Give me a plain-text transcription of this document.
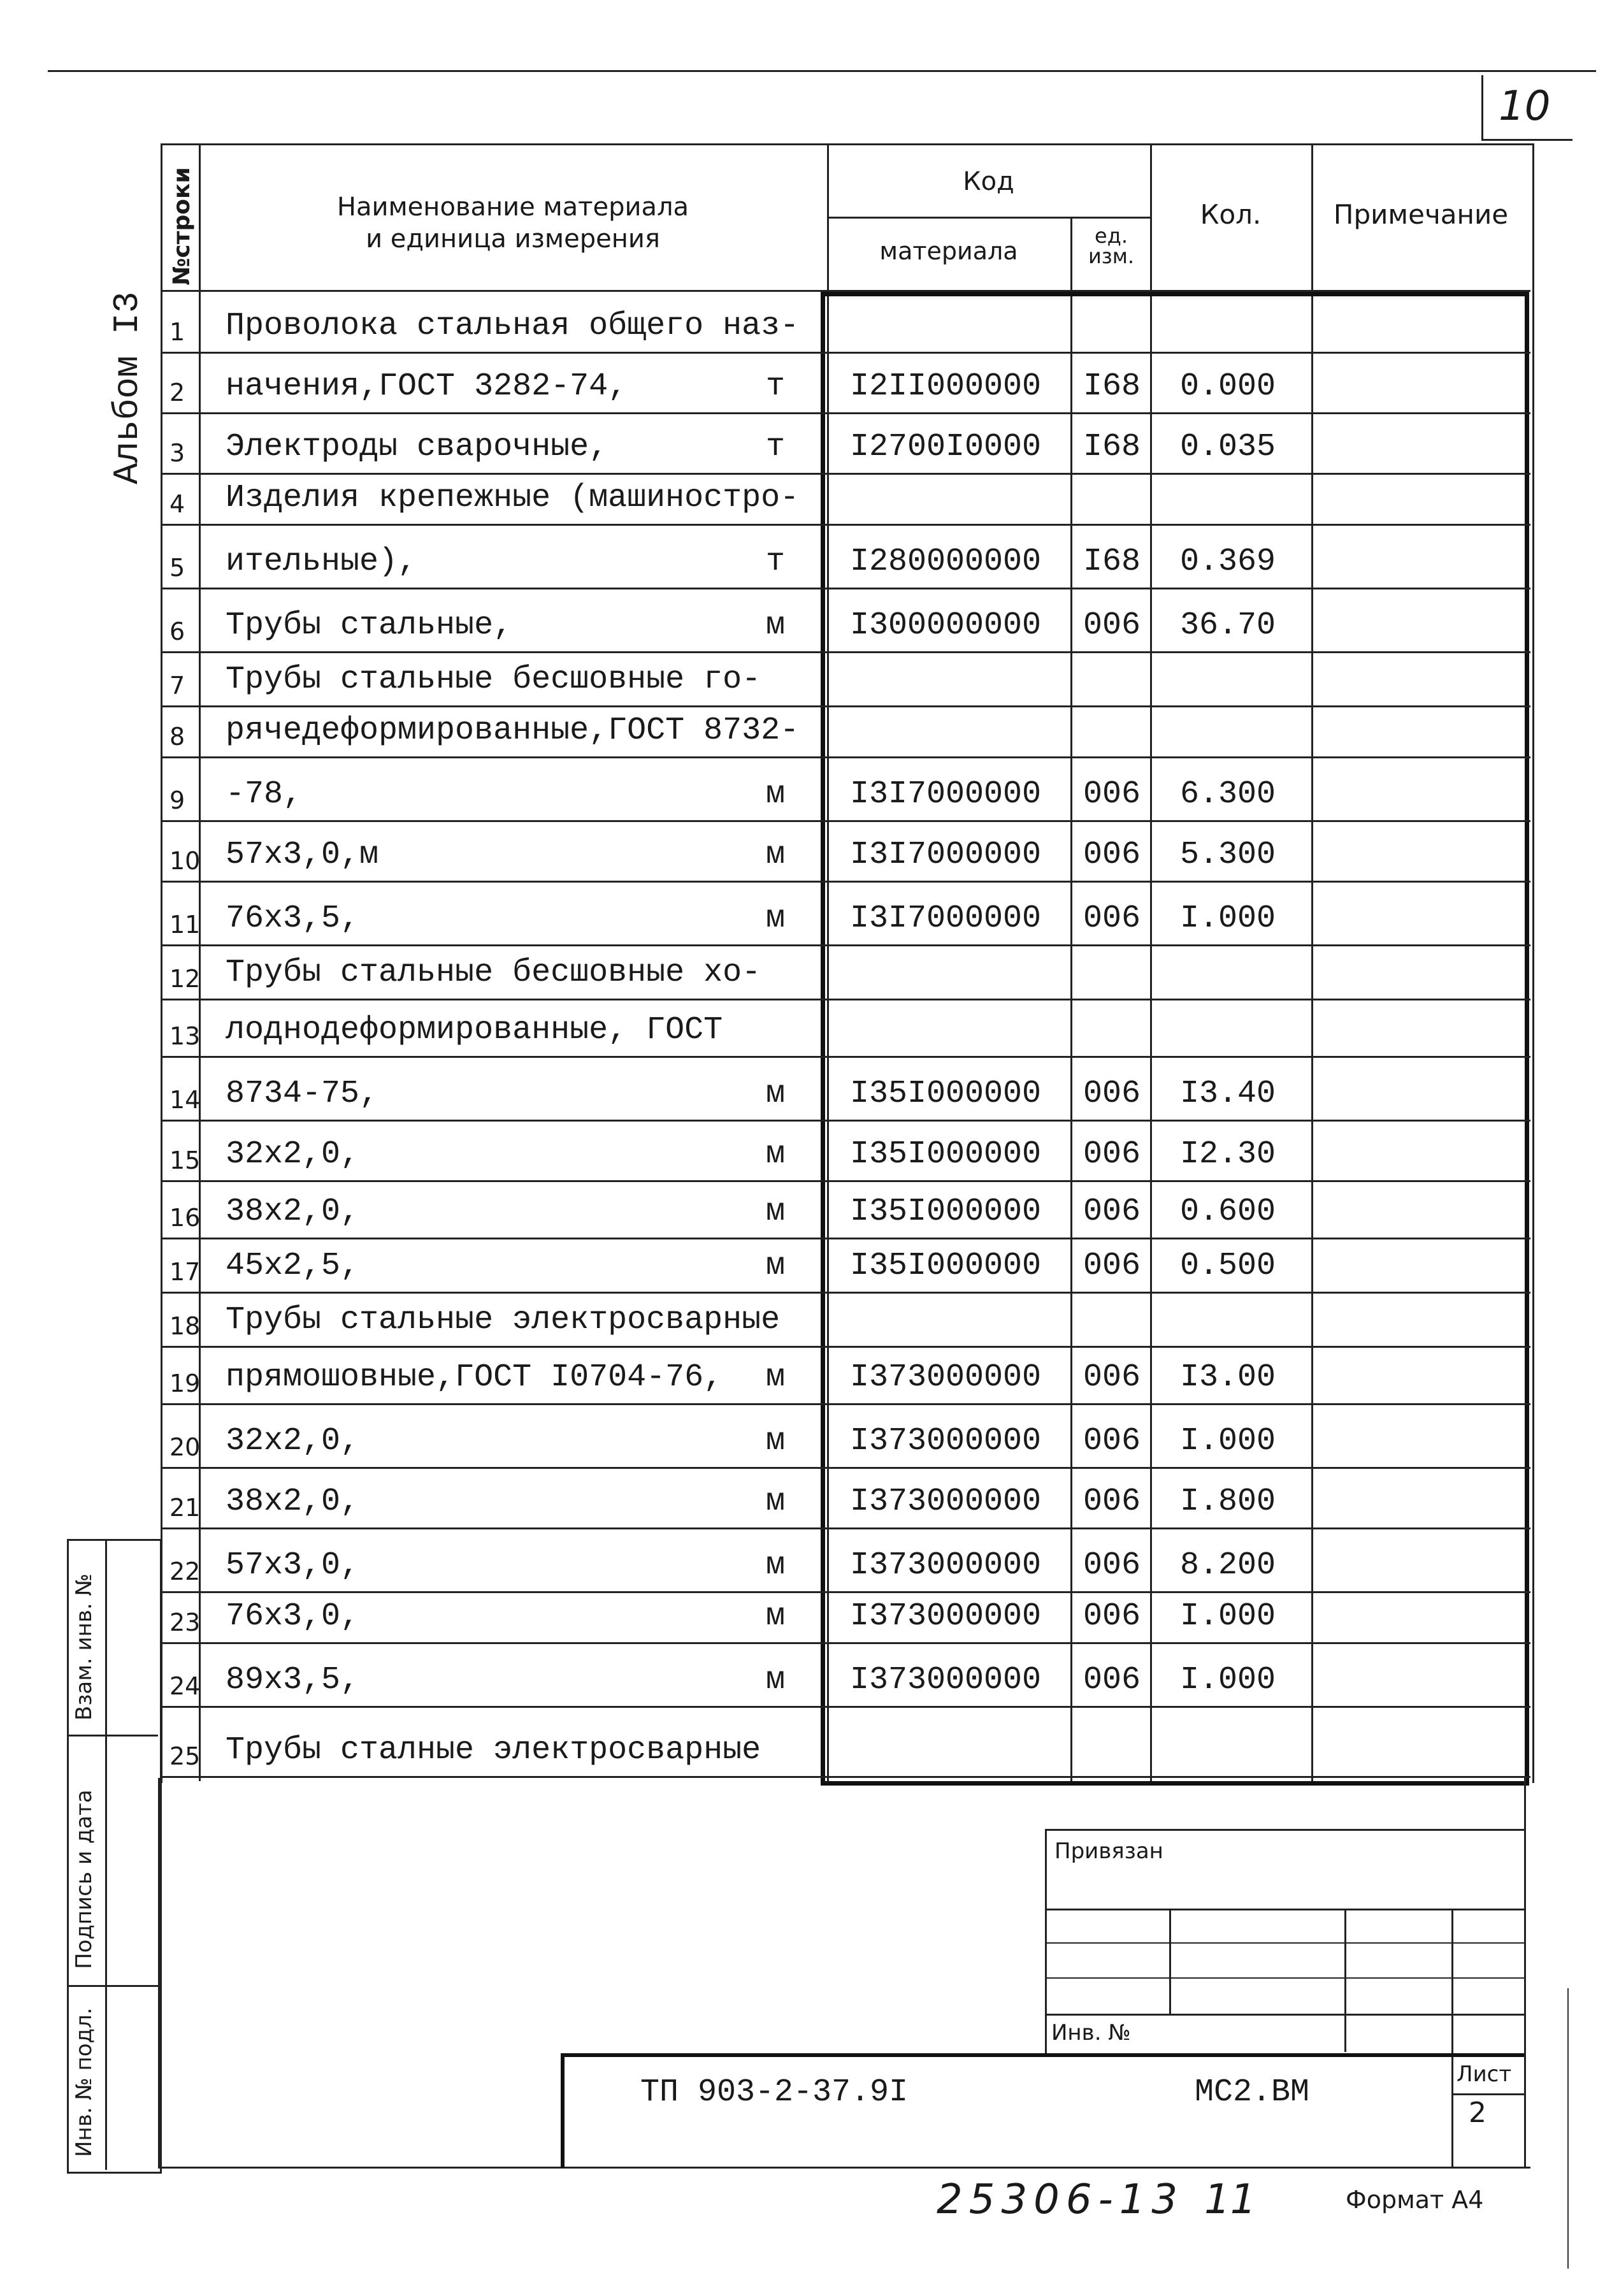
10
Альбом I3
№строки	Наименование материала и единица измерения
Код
материала
ед. изм.
Кол.	Примечание
1 Проволока стальная общего наз-
2 начения,ГОСТ 3282-74,	т I2II000000 I68 0.000
3 Электроды сварочные,	т I2700I0000 I68 0.035
4 Изделия крепежные (машиностро-
5 ительные),	т I280000000 I68 0.369
6 Трубы стальные,	м I300000000 006 36.70
7 Трубы стальные бесшовные го-
8 рячедеформированные,ГОСТ 8732-
9 -78,	м I3I7000000 006 6.300
10 57x3,0,м	м I3I7000000 006 5.300
11 76x3,5,	м I3I7000000 006 I.000
12 Трубы стальные бесшовные хо-
13 лоднодеформированные, ГОСТ
14 8734-75,	м I35I000000 006 I3.40
15 32x2,0,	м I35I000000 006 I2.30
16 38x2,0,	м I35I000000 006 0.600
17 45x2,5,	м I35I000000 006 0.500
18 Трубы стальные электросварные
19 прямошовные,ГОСТ I0704-76, м I373000000 006 I3.00
20 32x2,0,	м I373000000 006 I.000
21 38x2,0,	м I373000000 006 I.800
22 57x3,0,	м I373000000 006 8.200
23 76x3,0,	м I373000000 006 I.000
24 89x3,5,	м I373000000 006 I.000
25 Трубы сталные электросварные
Взам. инв. №
Подпись и дата
Инв. № подл.
Привязан
Инв. №
ТП 903-2-37.9I	МС2.ВМ	Лист
2
25306-13 11	Формат А4
